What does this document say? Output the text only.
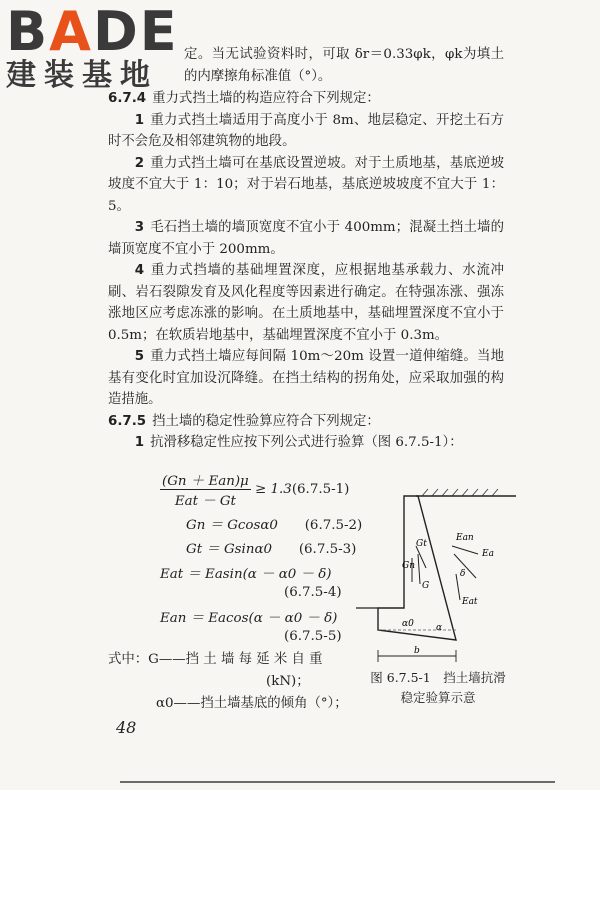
BADE
建装基地

定。当无试验资料时，可取 δr＝0.33φk，φk为填土的内摩擦角标准值（°）。

6.7.4 重力式挡土墙的构造应符合下列规定：

1 重力式挡土墙适用于高度小于 8m、地层稳定、开挖土石方时不会危及相邻建筑物的地段。

2 重力式挡土墙可在基底设置逆坡。对于土质地基，基底逆坡坡度不宜大于 1：10；对于岩石地基，基底逆坡坡度不宜大于 1：5。

3 毛石挡土墙的墙顶宽度不宜小于 400mm；混凝土挡土墙的墙顶宽度不宜小于 200mm。

4 重力式挡墙的基础埋置深度，应根据地基承载力、水流冲刷、岩石裂隙发育及风化程度等因素进行确定。在特强冻涨、强冻涨地区应考虑冻涨的影响。在土质地基中，基础埋置深度不宜小于 0.5m；在软质岩地基中，基础埋置深度不宜小于 0.3m。

5 重力式挡土墙应每间隔 10m～20m 设置一道伸缩缝。当地基有变化时宜加设沉降缝。在挡土结构的拐角处，应采取加强的构造措施。

6.7.5 挡土墙的稳定性验算应符合下列规定：

1 抗滑移稳定性应按下列公式进行验算（图 6.7.5-1）：

$\frac{\text{(Gn ＋ Ean)μ}}{\text{Eat － Gt}} \ge 1.3(6.7.5-1)$
Gn ＝ Gcosα0　　 (6.7.5-2)
Gt ＝ Gsinα0　　 (6.7.5-3)
Eat ＝ Easin(α － α0 － δ)
(6.7.5-4)
Ean ＝ Eacos(α － α0 － δ)
(6.7.5-5)
式中：G——挡 土 墙 每 延 米 自 重
(kN)；
α0——挡土墙基底的倾角（°）；
Gt
Gn
G
Ean
Ea
Eat
δ
α0 α
b
图 6.7.5-1　挡土墙抗滑
稳定验算示意
48
